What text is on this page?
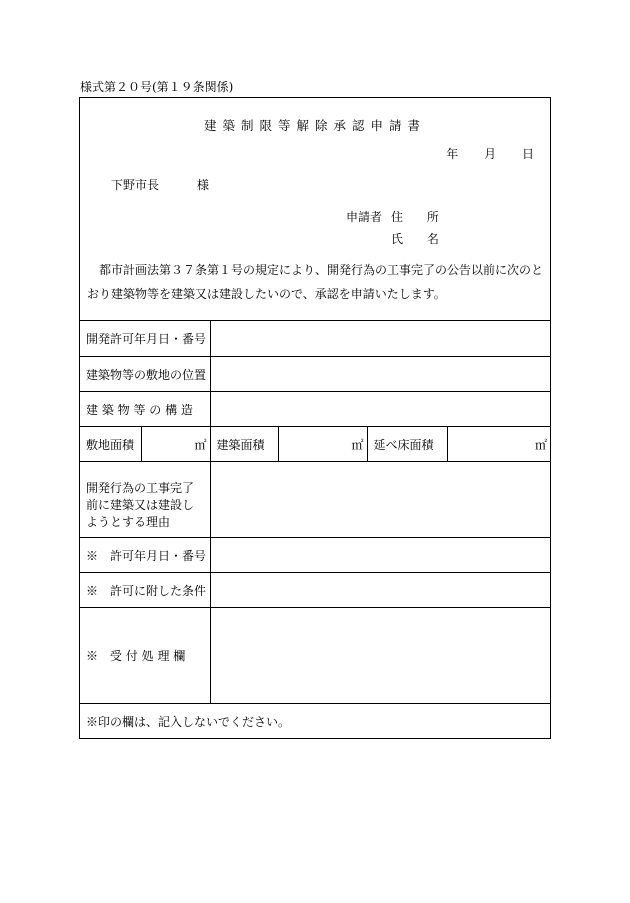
様式第２０号(第１９条関係)
建築制限等解除承認申請書
年 月 日
下野市長	様
申請者 住 所
氏 名
都市計画法第３７条第１号の規定により、開発行為の工事完了の公告以前に次のとおり建築物等を建築又は建設したいので、承認を申請いたします。
開発許可年月日・番号					
建築物等の敷地の位置					
建 築 物 等 の 構 造					
敷地面積	㎡	建築面積	㎡	延べ床面積	㎡
開発行為の工事完了前に建築又は建設しようとする理由					
※　許可年月日・番号					
※　許可に附した条件					
※　受 付 処 理 欄					
※印の欄は、記入しないでください。					
